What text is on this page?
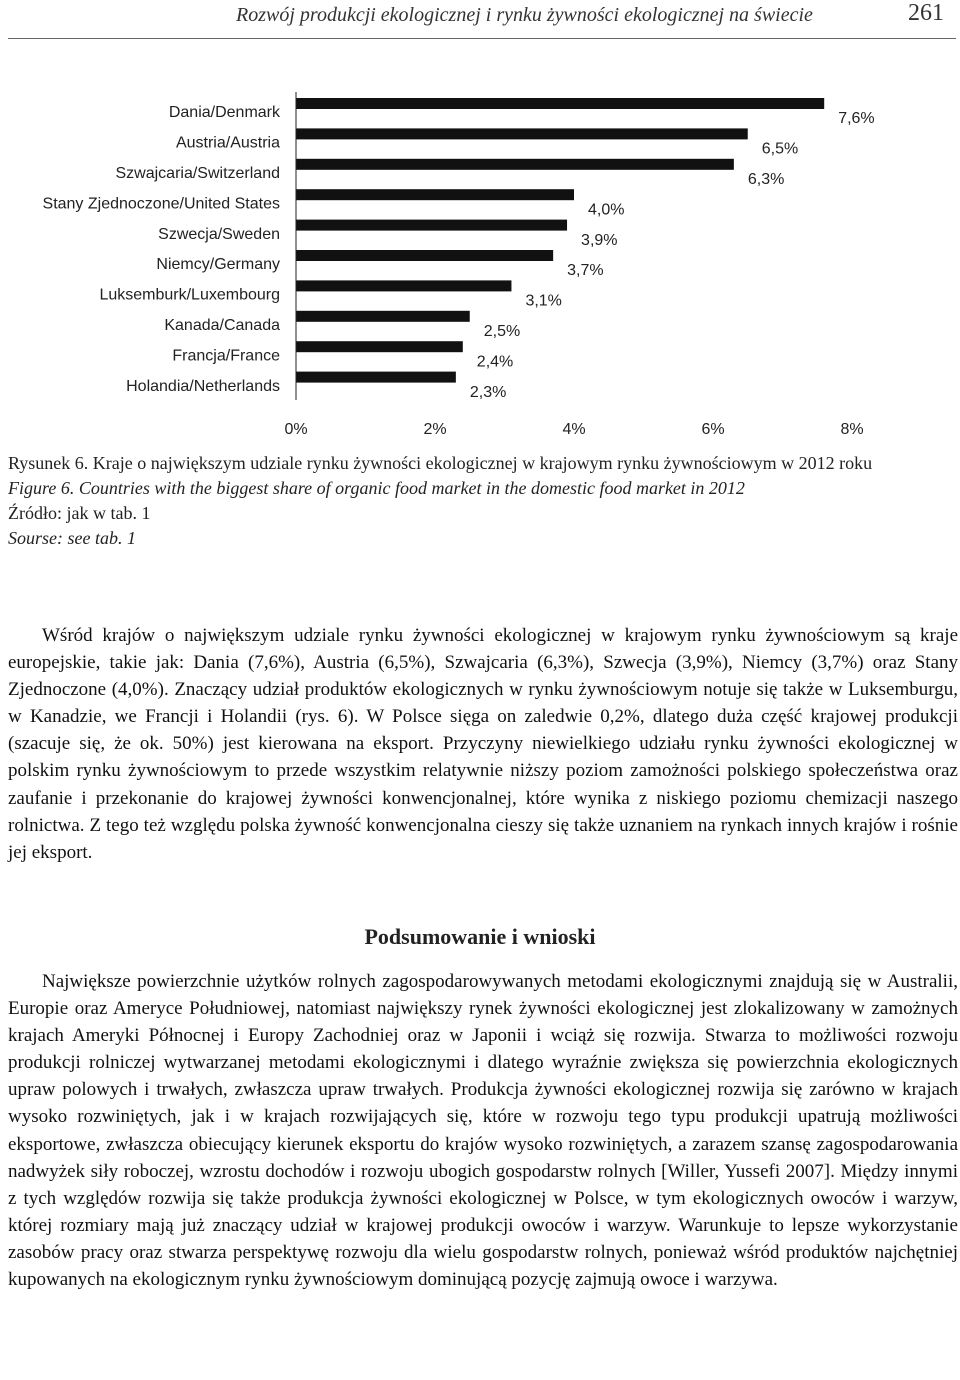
Rozwój produkcji ekologicznej i rynku żywności ekologicznej na świecie	261
Dania/Denmark
Austria/Austria
Szwajcaria/Switzerland
Stany Zjednoczone/United States
Szwecja/Sweden
Niemcy/Germany
Luksemburk/Luxembourg
Kanada/Canada
Francja/France
Holandia/Netherlands
7,6%
6,5%
6,3%
4,0%
3,9%
3,7%
3,1%
2,5%
2,4%
2,3%
0%	2%	4%	6%	8%
Rysunek 6. Kraje o największym udziale rynku żywności ekologicznej w krajowym rynku żywnościowym w 2012 roku
Figure 6. Countries with the biggest share of organic food market in the domestic food market in 2012
Źródło: jak w tab. 1
Sourse: see tab. 1

Wśród krajów o największym udziale rynku żywności ekologicznej w krajowym rynku żywnościowym są kraje europejskie, takie jak: Dania (7,6%), Austria (6,5%), Szwajcaria (6,3%), Szwecja (3,9%), Niemcy (3,7%) oraz Stany Zjednoczone (4,0%). Znaczący udział produktów ekologicznych w rynku żywnościowym notuje się także w Luksemburgu, w Kanadzie, we Francji i Holandii (rys. 6). W Polsce sięga on zaledwie 0,2%, dlatego duża część krajowej produkcji (szacuje się, że ok. 50%) jest kierowana na eksport. Przyczyny niewielkiego udziału rynku żywności ekologicznej w polskim rynku żywnościowym to przede wszystkim relatywnie niższy poziom zamożności polskiego społeczeństwa oraz zaufanie i przekonanie do krajowej żywności konwencjonalnej, które wynika z niskiego poziomu chemizacji naszego rolnictwa. Z tego też względu polska żywność konwencjonalna cieszy się także uznaniem na rynkach innych krajów i rośnie jej eksport.

Podsumowanie i wnioski

Największe powierzchnie użytków rolnych zagospodarowywanych metodami ekologicznymi znajdują się w Australii, Europie oraz Ameryce Południowej, natomiast największy rynek żywności ekologicznej jest zlokalizowany w zamożnych krajach Ameryki Północnej i Europy Zachodniej oraz w Japonii i wciąż się rozwija. Stwarza to możliwości rozwoju produkcji rolniczej wytwarzanej metodami ekologicznymi i dlatego wyraźnie zwiększa się powierzchnia ekologicznych upraw polowych i trwałych, zwłaszcza upraw trwałych. Produkcja żywności ekologicznej rozwija się zarówno w krajach wysoko rozwiniętych, jak i w krajach rozwijających się, które w rozwoju tego typu produkcji upatrują możliwości eksportowe, zwłaszcza obiecujący kierunek eksportu do krajów wysoko rozwiniętych, a zarazem szansę zagospodarowania nadwyżek siły roboczej, wzrostu dochodów i rozwoju ubogich gospodarstw rolnych [Willer, Yussefi 2007]. Między innymi z tych względów rozwija się także produkcja żywności ekologicznej w Polsce, w tym ekologicznych owoców i warzyw, której rozmiary mają już znaczący udział w krajowej produkcji owoców i warzyw. Warunkuje to lepsze wykorzystanie zasobów pracy oraz stwarza perspektywę rozwoju dla wielu gospodarstw rolnych, ponieważ wśród produktów najchętniej kupowanych na ekologicznym rynku żywnościowym dominującą pozycję zajmują owoce i warzywa.
